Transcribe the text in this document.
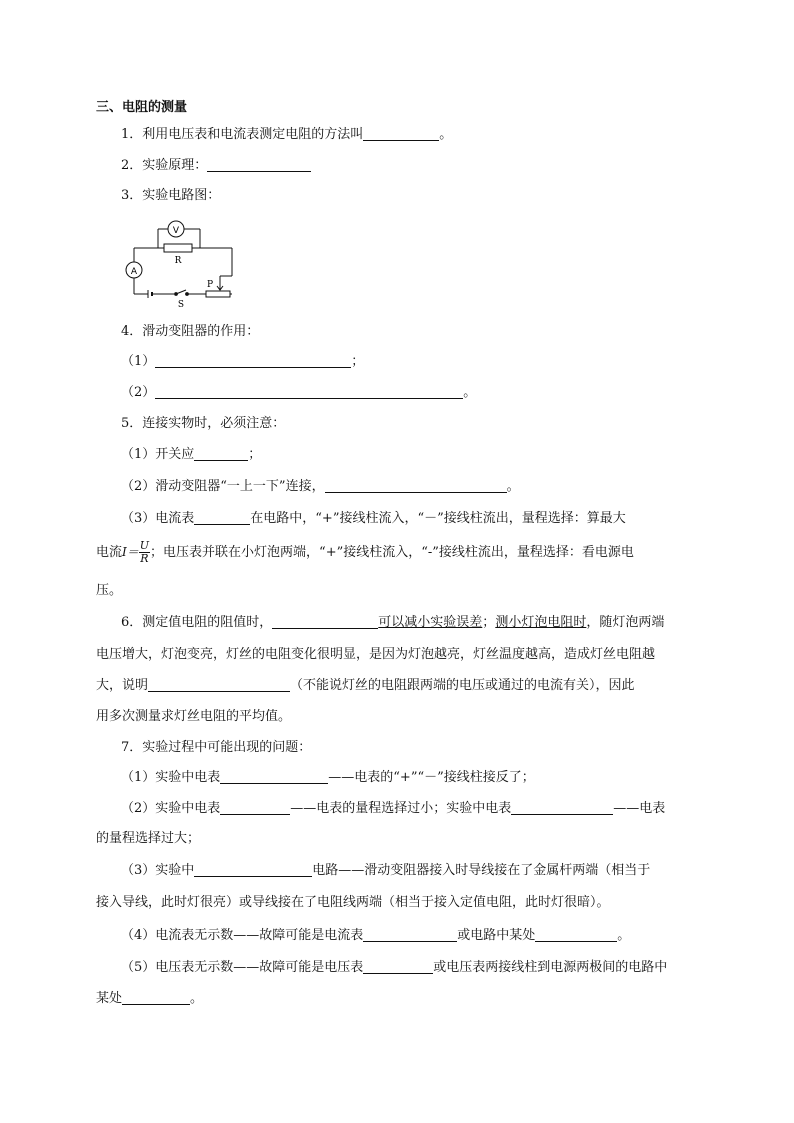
三、电阻的测量
1．利用电压表和电流表测定电阻的方法叫	。
2．实验原理：
3．实验电路图：
V
A
R
S
P
4．滑动变阻器的作用：
（1）	；
（2）	。
5．连接实物时，必须注意：
（1）开关应	；
（2）滑动变阻器“一上一下”连接，	。
（3）电流表	在电路中，“+”接线柱流入，“－”接线柱流出，量程选择：算最大
电流$I= \frac{U}{R}$ ；电压表并联在小灯泡两端，“+”接线柱流入，“-”接线柱流出，量程选择：看电源电
压。
6．测定值电阻的阻值时，	可以减小实验误差；测小灯泡电阻时，随灯泡两端
电压增大，灯泡变亮，灯丝的电阻变化很明显，是因为灯泡越亮，灯丝温度越高，造成灯丝电阻越
大，说明	（不能说灯丝的电阻跟两端的电压或通过的电流有关），因此
用多次测量求灯丝电阻的平均值。
7．实验过程中可能出现的问题：
（1）实验中电表	——电表的“+”“－”接线柱接反了；
（2）实验中电表	——电表的量程选择过小；实验中电表	——电表
的量程选择过大；
（3）实验中	电路——滑动变阻器接入时导线接在了金属杆两端（相当于
接入导线，此时灯很亮）或导线接在了电阻线两端（相当于接入定值电阻，此时灯很暗）。
（4）电流表无示数——故障可能是电流表	或电路中某处	。
（5）电压表无示数——故障可能是电压表	或电压表两接线柱到电源两极间的电路中
某处	。
